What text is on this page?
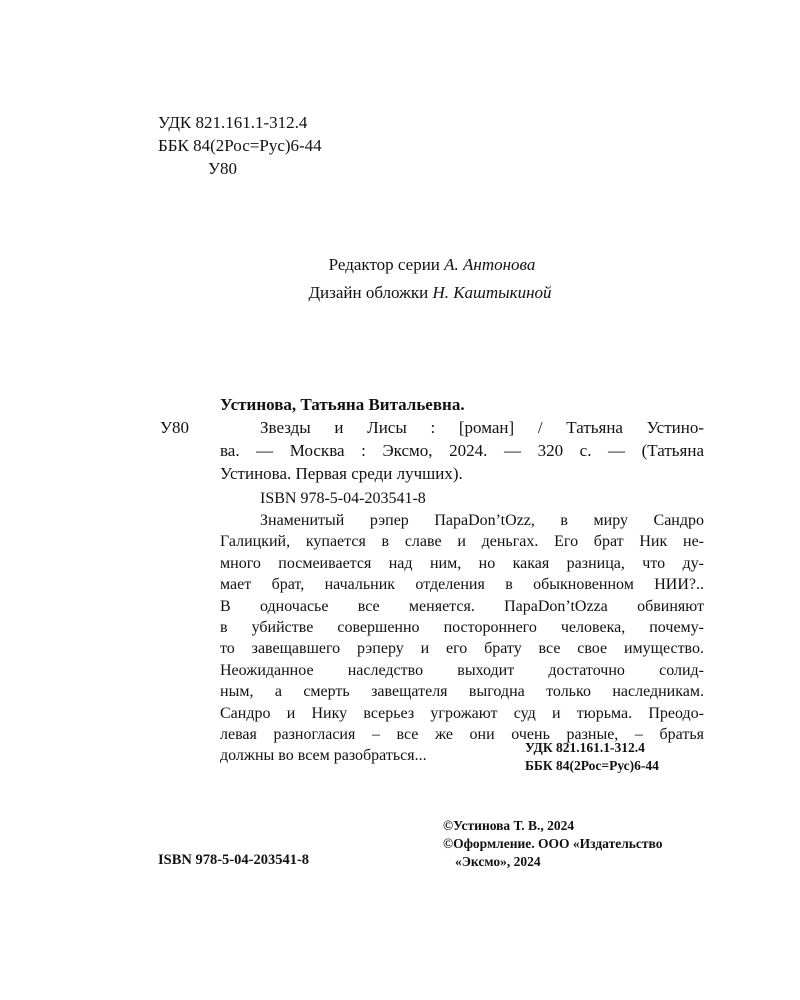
УДК 821.161.1-312.4
ББК 84(2Рос=Рус)6-44
У80
Редактор серии А. Антонова
Дизайн обложки Н. Каштыкиной
Устинова, Татьяна Витальевна.
У80	Звезды и Лисы : [роман] / Татьяна Устино-
ва. — Москва : Эксмо, 2024. — 320 с. — (Татьяна
Устинова. Первая среди лучших).
ISBN 978-5-04-203541-8
Знаменитый рэпер ПараDon’tOzz, в миру Сандро
Галицкий, купается в славе и деньгах. Его брат Ник не-
много посмеивается над ним, но какая разница, что ду-
мает брат, начальник отделения в обыкновенном НИИ?..
В одночасье все меняется. ПараDon’tOzza обвиняют
в убийстве совершенно постороннего человека, почему-
то завещавшего рэперу и его брату все свое имущество.
Неожиданное наследство выходит достаточно солид-
ным, а смерть завещателя выгодна только наследникам.
Сандро и Нику всерьез угрожают суд и тюрьма. Преодо-
левая разногласия – все же они очень разные, – братья
должны во всем разобраться...	УДК 821.161.1-312.4
ББК 84(2Рос=Рус)6-44
ISBN 978-5-04-203541-8
©Устинова Т. В., 2024
©Оформление. ООО «Издательство
«Эксмо», 2024
